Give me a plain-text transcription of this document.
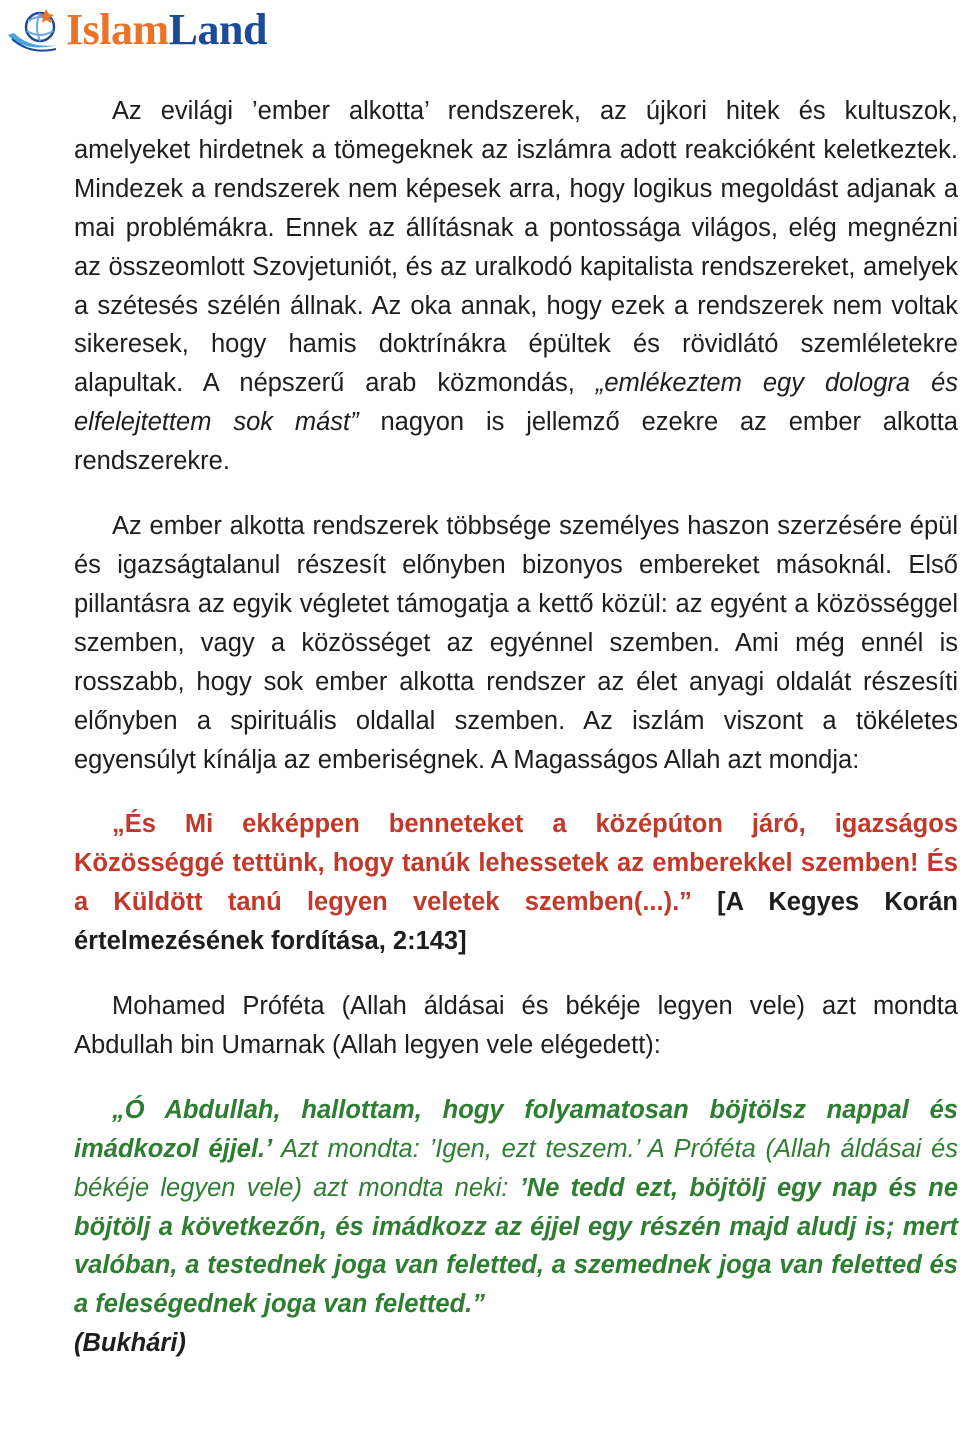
IslamLand

Az evilági ’ember alkotta’ rendszerek, az újkori hitek és kultuszok, amelyeket hirdetnek a tömegeknek az iszlámra adott reakcióként keletkeztek. Mindezek a rendszerek nem képesek arra, hogy logikus megoldást adjanak a mai problémákra. Ennek az állításnak a pontossága világos, elég megnézni az összeomlott Szovjetuniót, és az uralkodó kapitalista rendszereket, amelyek a szétesés szélén állnak. Az oka annak, hogy ezek a rendszerek nem voltak sikeresek, hogy hamis doktrínákra épültek és rövidlátó szemléletekre alapultak. A népszerű arab közmondás, „emlékeztem egy dologra és elfelejtettem sok mást” nagyon is jellemző ezekre az ember alkotta rendszerekre.

Az ember alkotta rendszerek többsége személyes haszon szerzésére épül és igazságtalanul részesít előnyben bizonyos embereket másoknál. Első pillantásra az egyik végletet támogatja a kettő közül: az egyént a közösséggel szemben, vagy a közösséget az egyénnel szemben. Ami még ennél is rosszabb, hogy sok ember alkotta rendszer az élet anyagi oldalát részesíti előnyben a spirituális oldallal szemben. Az iszlám viszont a tökéletes egyensúlyt kínálja az emberiségnek. A Magasságos Allah azt mondja:

„És Mi ekképpen benneteket a középúton járó, igazságos Közösséggé tettünk, hogy tanúk lehessetek az emberekkel szemben! És a Küldött tanú legyen veletek szemben(...).” [A Kegyes Korán értelmezésének fordítása, 2:143]

Mohamed Próféta (Allah áldásai és békéje legyen vele) azt mondta Abdullah bin Umarnak (Allah legyen vele elégedett):

„Ó Abdullah, hallottam, hogy folyamatosan böjtölsz nappal és imádkozol éjjel.’ Azt mondta: ’Igen, ezt teszem.’ A Próféta (Allah áldásai és békéje legyen vele) azt mondta neki: ’Ne tedd ezt, böjtölj egy nap és ne böjtölj a következőn, és imádkozz az éjjel egy részén majd aludj is; mert valóban, a testednek joga van feletted, a szemednek joga van feletted és a feleségednek joga van feletted.”
(Bukhári)
